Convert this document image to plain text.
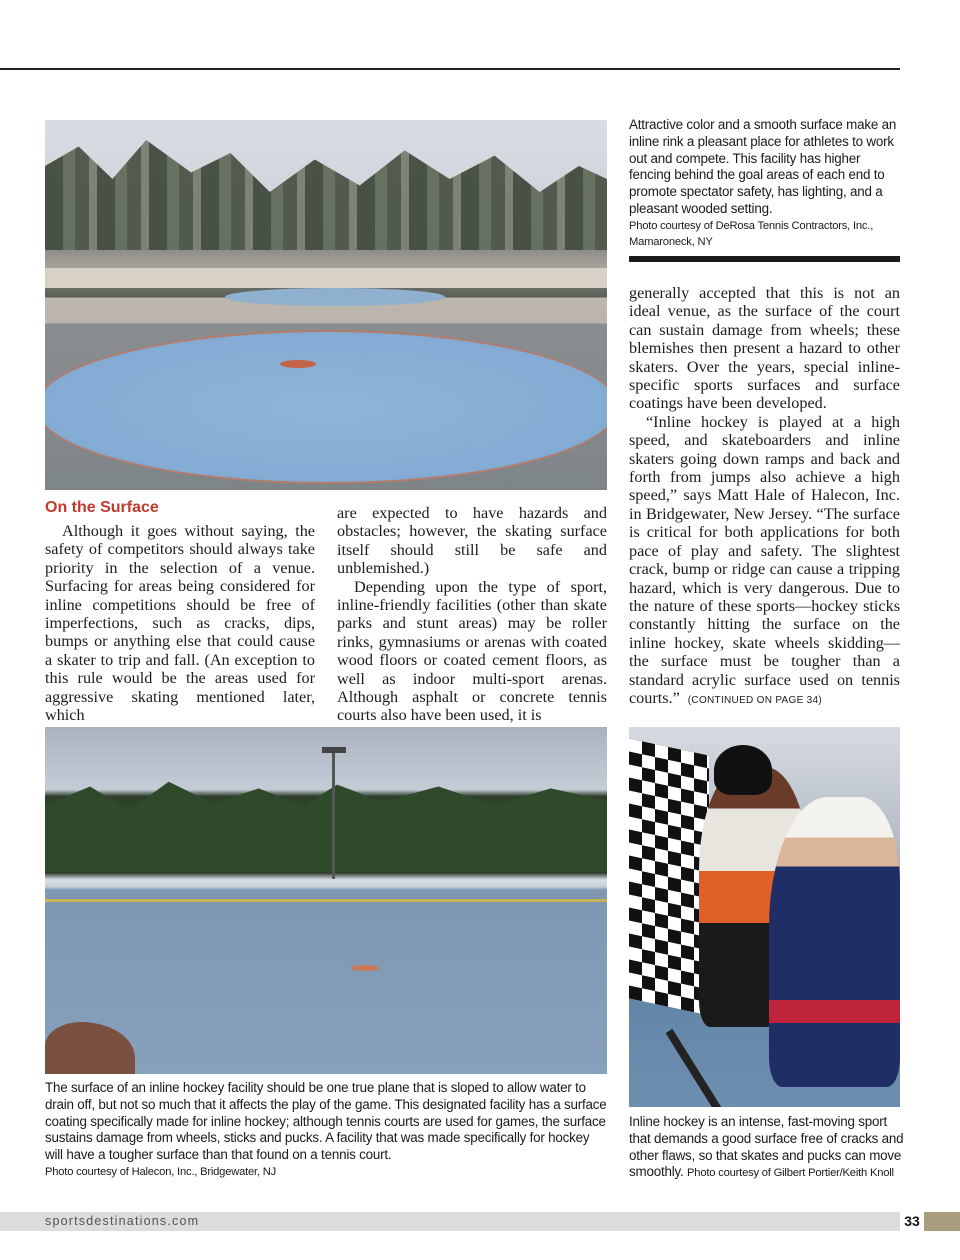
Attractive color and a smooth surface make an inline rink a pleasant place for athletes to work out and compete. This facility has higher fencing behind the goal areas of each end to promote spectator safety, has lighting, and a pleasant wooded setting.
Photo courtesy of DeRosa Tennis Contractors, Inc., Mamaroneck, NY
On the Surface

Although it goes without saying, the safety of competitors should always take priority in the selection of a venue. Surfacing for areas being considered for inline competitions should be free of imperfections, such as cracks, dips, bumps or anything else that could cause a skater to trip and fall. (An exception to this rule would be the areas used for aggressive skating mentioned later, which

are expected to have hazards and obstacles; however, the skating surface itself should still be safe and unblemished.)

Depending upon the type of sport, inline-friendly facilities (other than skate parks and stunt areas) may be roller rinks, gymnasiums or arenas with coated wood floors or coated cement floors, as well as indoor multi-sport arenas. Although asphalt or concrete tennis courts also have been used, it is

generally accepted that this is not an ideal venue, as the surface of the court can sustain damage from wheels; these blemishes then present a hazard to other skaters. Over the years, special inline-specific sports surfaces and surface coatings have been developed.

“Inline hockey is played at a high speed, and skateboarders and inline skaters going down ramps and back and forth from jumps also achieve a high speed,” says Matt Hale of Halecon, Inc. in Bridgewater, New Jersey. “The surface is critical for both applications for both pace of play and safety. The slightest crack, bump or ridge can cause a tripping hazard, which is very dangerous. Due to the nature of these sports—hockey sticks constantly hitting the surface on the inline hockey, skate wheels skidding—the surface must be tougher than a standard acrylic surface used on tennis courts.” (CONTINUED ON PAGE 34)

The surface of an inline hockey facility should be one true plane that is sloped to allow water to drain off, but not so much that it affects the play of the game. This designated facility has a surface coating specifically made for inline hockey; although tennis courts are used for games, the surface sustains damage from wheels, sticks and pucks. A facility that was made specifically for hockey will have a tougher surface than that found on a tennis court.
Photo courtesy of Halecon, Inc., Bridgewater, NJ
Inline hockey is an intense, fast-moving sport that demands a good surface free of cracks and other flaws, so that skates and pucks can move smoothly. Photo courtesy of Gilbert Portier/Keith Knoll
sportsdestinations.com	33
